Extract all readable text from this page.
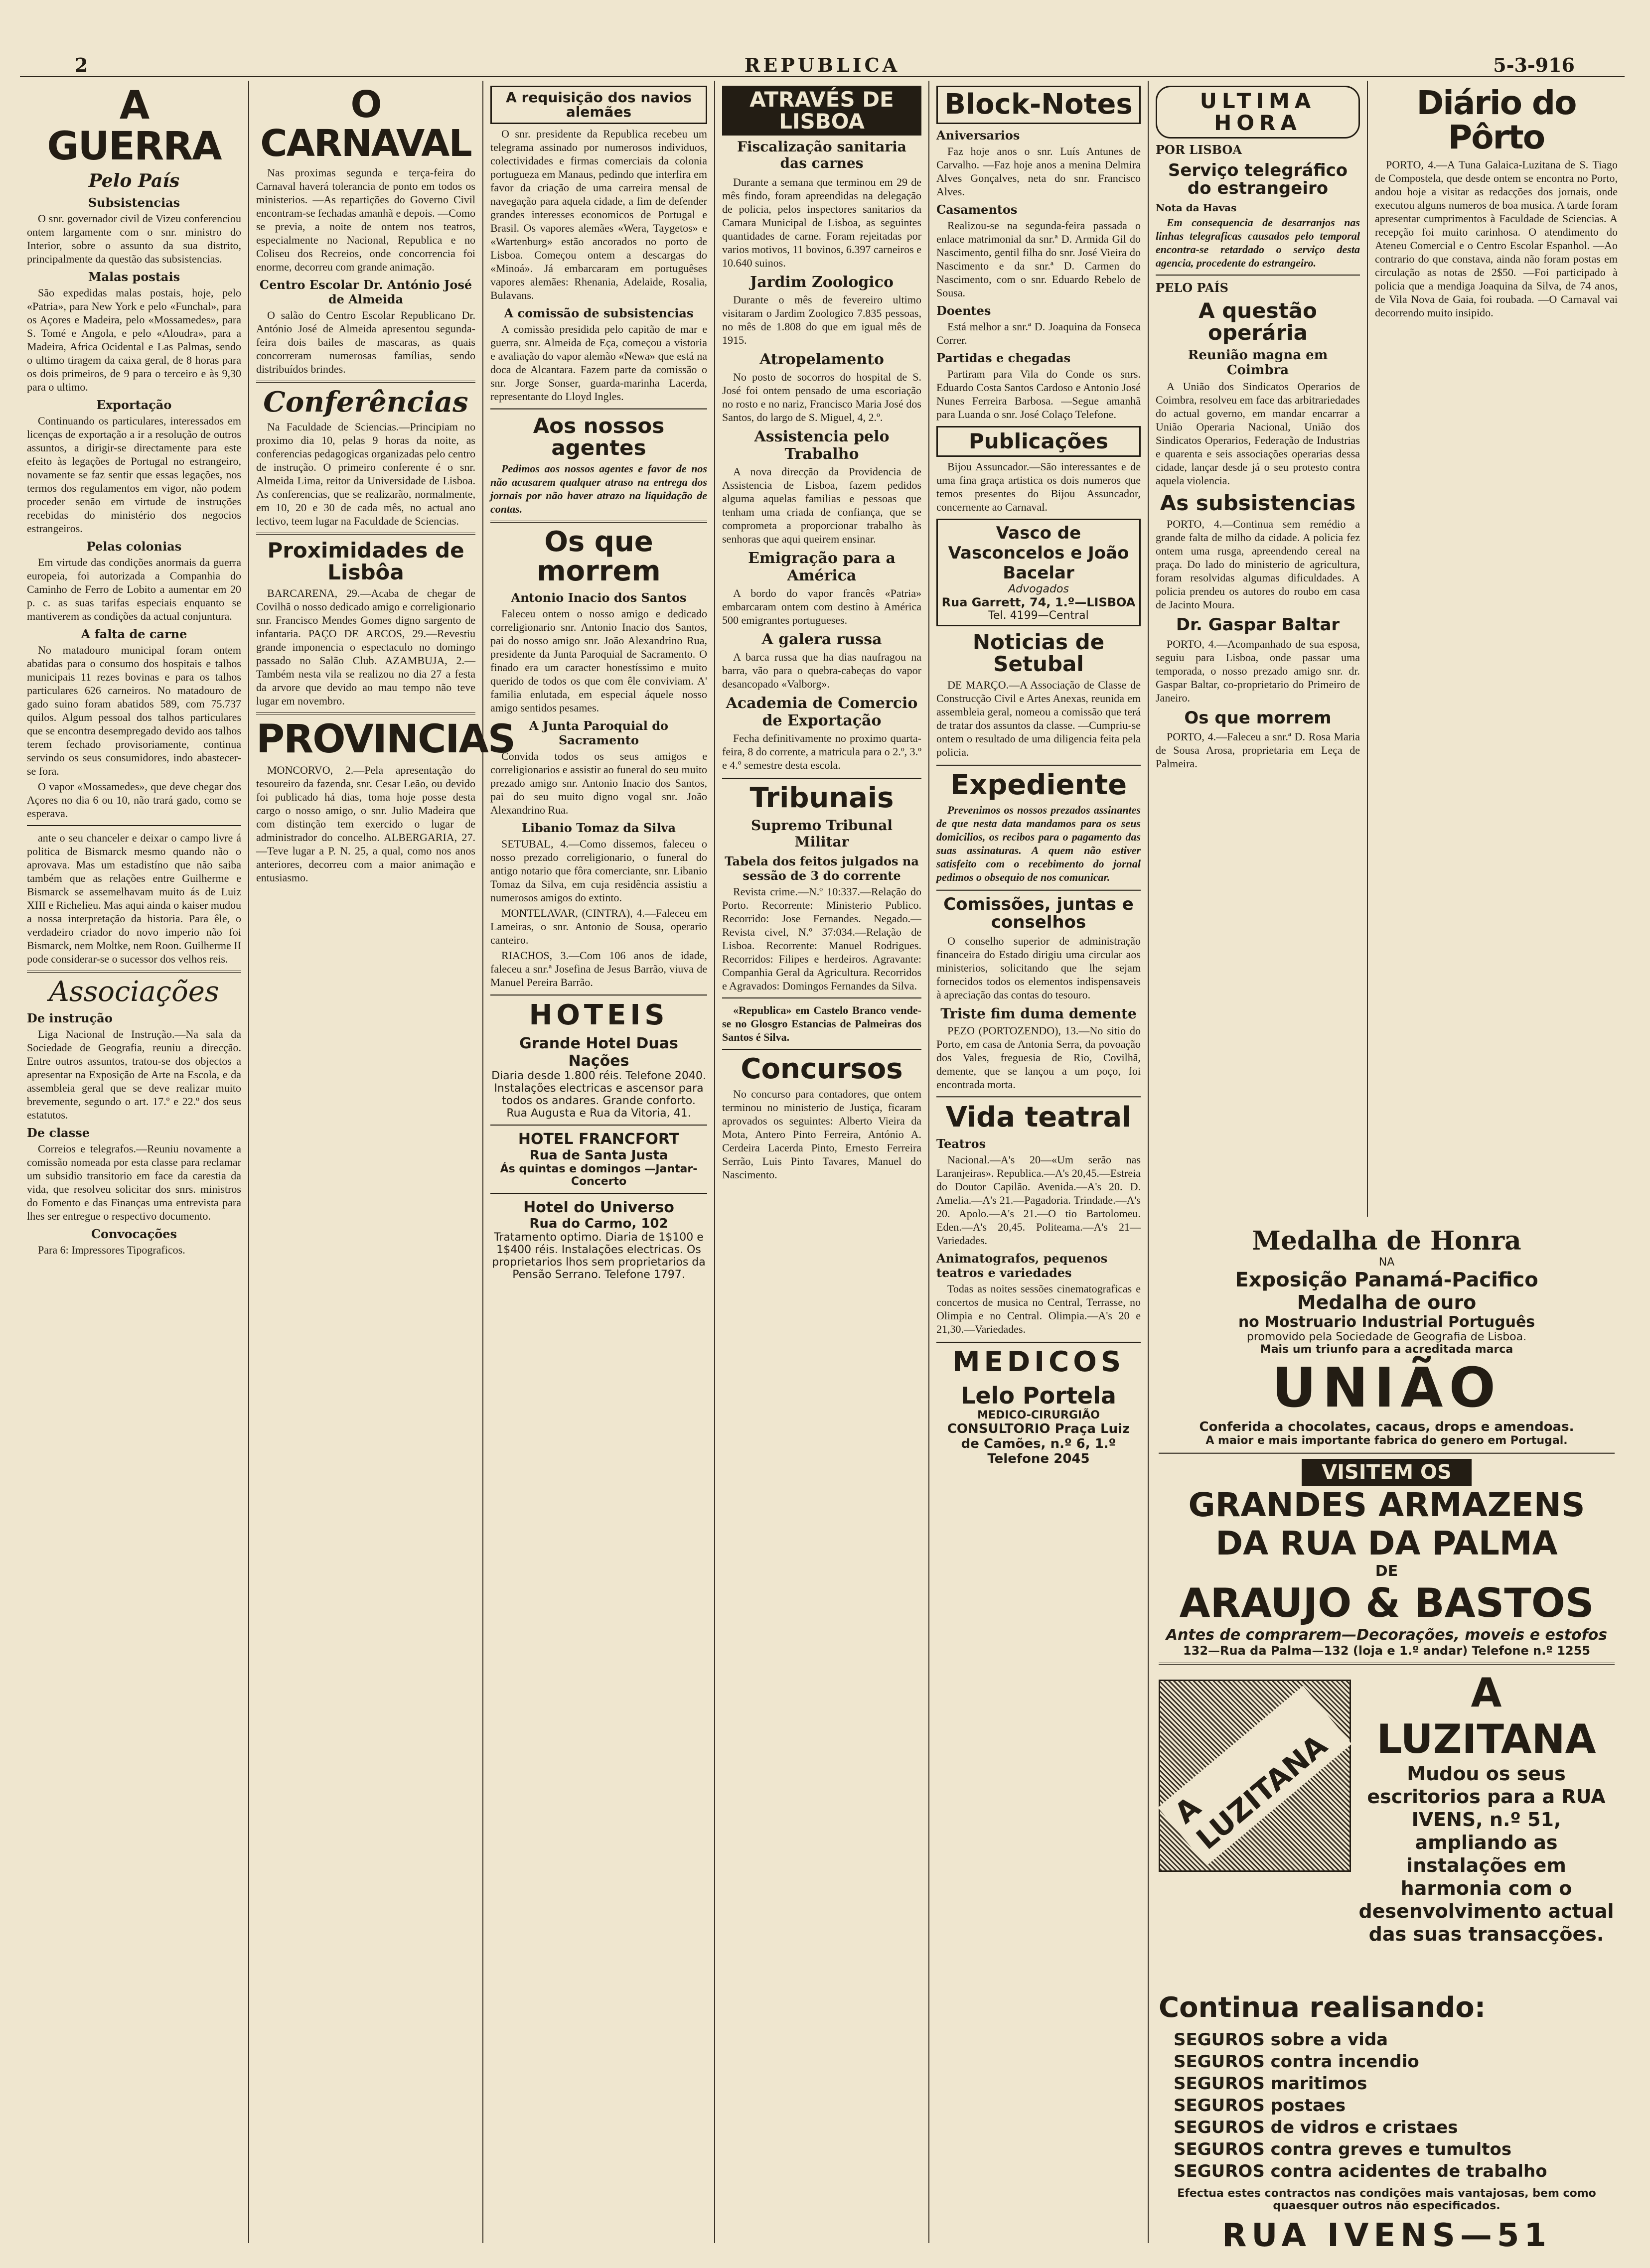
2	REPUBLICA	5-3-916
A GUERRA
Pelo País
Subsistencias

O snr. governador civil de Vizeu conferenciou ontem largamente com o snr. ministro do Interior, sobre o assunto da sua distrito, principalmente da questão das subsistencias.

Malas postais

São expedidas malas postais, hoje, pelo «Patria», para New York e pelo «Funchal», para os Açores e Madeira, pelo «Mossamedes», para S. Tomé e Angola, e pelo «Aloudra», para a Madeira, Africa Ocidental e Las Palmas, sendo o ultimo tiragem da caixa geral, de 8 horas para os dois primeiros, de 9 para o terceiro e às 9,30 para o ultimo.

Exportação

Continuando os particulares, interessados em licenças de exportação a ir a resolução de outros assuntos, a dirigir-se directamente para este efeito às legações de Portugal no estrangeiro, novamente se faz sentir que essas legações, nos termos dos regulamentos em vigor, não podem proceder senão em virtude de instruções recebidas do ministério dos negocios estrangeiros.

Pelas colonias

Em virtude das condições anormais da guerra europeia, foi autorizada a Companhia do Caminho de Ferro de Lobito a aumentar em 20 p. c. as suas tarifas especiais enquanto se mantiverem as condições da actual conjuntura.

A falta de carne

No matadouro municipal foram ontem abatidas para o consumo dos hospitais e talhos municipais 11 rezes bovinas e para os talhos particulares 626 carneiros. No matadouro de gado suino foram abatidos 589, com 75.737 quilos. Algum pessoal dos talhos particulares que se encontra desempregado devido aos talhos terem fechado provisoriamente, continua servindo os seus consumidores, indo abastecer-se fora.

O vapor «Mossamedes», que deve chegar dos Açores no dia 6 ou 10, não trará gado, como se esperava.

ante o seu chanceler e deixar o campo livre á politica de Bismarck mesmo quando não o aprovava. Mas um estadistíno que não saiba também que as relações entre Guilherme e Bismarck se assemelhavam muito ás de Luiz XIII e Richelieu. Mas aqui ainda o kaiser mudou a nossa interpretação da historia. Para êle, o verdadeiro criador do novo imperio não foi Bismarck, nem Moltke, nem Roon. Guilherme II pode considerar-se o sucessor dos velhos reis.

Associações
De instrução

Liga Nacional de Instrução.—Na sala da Sociedade de Geografia, reuniu a direcção. Entre outros assuntos, tratou-se dos objectos a apresentar na Exposição de Arte na Escola, e da assembleia geral que se deve realizar muito brevemente, segundo o art. 17.º e 22.º dos seus estatutos.

De classe

Correios e telegrafos.—Reuniu novamente a comissão nomeada por esta classe para reclamar um subsidio transitorio em face da carestia da vida, que resolveu solicitar dos snrs. ministros do Fomento e das Finanças uma entrevista para lhes ser entregue o respectivo documento.

Convocações

Para 6: Impressores Tipograficos.

O CARNAVAL

Nas proximas segunda e terça-feira do Carnaval haverá tolerancia de ponto em todos os ministerios. —As repartições do Governo Civil encontram-se fechadas amanhã e depois. —Como se previa, a noite de ontem nos teatros, especialmente no Nacional, Republica e no Coliseu dos Recreios, onde concorrencia foi enorme, decorreu com grande animação.

Centro Escolar Dr. António José de Almeida

O salão do Centro Escolar Republicano Dr. António José de Almeida apresentou segunda-feira dois bailes de mascaras, as quais concorreram numerosas famílias, sendo distribuídos brindes.

Conferências

Na Faculdade de Sciencias.—Principiam no proximo dia 10, pelas 9 horas da noite, as conferencias pedagogicas organizadas pelo centro de instrução. O primeiro conferente é o snr. Almeida Lima, reitor da Universidade de Lisboa. As conferencias, que se realizarão, normalmente, em 10, 20 e 30 de cada mês, no actual ano lectivo, teem lugar na Faculdade de Sciencias.

Proximidades de Lisbôa

BARCARENA, 29.—Acaba de chegar de Covilhã o nosso dedicado amigo e correligionario snr. Francisco Mendes Gomes digno sargento de infantaria. PAÇO DE ARCOS, 29.—Revestiu grande imponencia o espectaculo no domingo passado no Salão Club. AZAMBUJA, 2.—Também nesta vila se realizou no dia 27 a festa da arvore que devido ao mau tempo não teve lugar em novembro.

PROVINCIAS

MONCORVO, 2.—Pela apresentação do tesoureiro da fazenda, snr. Cesar Leão, ou devido foi publicado há dias, toma hoje posse desta cargo o nosso amigo, o snr. Julio Madeira que com distinção tem exercido o lugar de administrador do concelho. ALBERGARIA, 27.—Teve lugar a P. N. 25, a qual, como nos anos anteriores, decorreu com a maior animação e entusiasmo.

A requisição dos navios alemães

O snr. presidente da Republica recebeu um telegrama assinado por numerosos individuos, colectividades e firmas comerciais da colonia portugueza em Manaus, pedindo que interfira em favor da criação de uma carreira mensal de navegação para aquela cidade, a fim de defender grandes interesses economicos de Portugal e Brasil. Os vapores alemães «Wera, Taygetos» e «Wartenburg» estão ancorados no porto de Lisboa. Começou ontem a descargas do «Minoá». Já embarcaram em portuguêses vapores alemães: Rhenania, Adelaide, Rosalia, Bulavans.

A comissão de subsistencias

A comissão presidida pelo capitão de mar e guerra, snr. Almeida de Eça, começou a vistoria e avaliação do vapor alemão «Newa» que está na doca de Alcantara. Fazem parte da comissão o snr. Jorge Sonser, guarda-marinha Lacerda, representante do Lloyd Ingles.

Aos nossos agentes

Pedimos aos nossos agentes e favor de nos não acusarem qualquer atraso na entrega dos jornais por não haver atrazo na liquidação de contas.

Os que morrem
Antonio Inacio dos Santos

Faleceu ontem o nosso amigo e dedicado correligionario snr. Antonio Inacio dos Santos, pai do nosso amigo snr. João Alexandrino Rua, presidente da Junta Paroquial de Sacramento. O finado era um caracter honestíssimo e muito querido de todos os que com êle conviviam. A' familia enlutada, em especial áquele nosso amigo sentidos pesames.

A Junta Paroquial do Sacramento

Convida todos os seus amigos e correligionarios e assistir ao funeral do seu muito prezado amigo snr. Antonio Inacio dos Santos, pai do seu muito digno vogal snr. João Alexandrino Rua.

Libanio Tomaz da Silva

SETUBAL, 4.—Como dissemos, faleceu o nosso prezado correligionario, o funeral do antigo notario que fôra comerciante, snr. Libanio Tomaz da Silva, em cuja residência assistiu a numerosos amigos do extinto.

MONTELAVAR, (CINTRA), 4.—Faleceu em Lameiras, o snr. Antonio de Sousa, operario canteiro.

RIACHOS, 3.—Com 106 anos de idade, faleceu a snr.ª Josefina de Jesus Barrão, viuva de Manuel Pereira Barrão.

HOTEIS
Grande Hotel Duas Nações
Diaria desde 1.800 réis. Telefone 2040. Instalações electricas e ascensor para todos os andares. Grande conforto. Rua Augusta e Rua da Vitoria, 41.
HOTEL FRANCFORT
Rua de Santa Justa
Ás quintas e domingos —Jantar-Concerto
Hotel do Universo
Rua do Carmo, 102
Tratamento optimo. Diaria de 1$100 e 1$400 réis. Instalações electricas. Os proprietarios lhos sem proprietarios da Pensão Serrano. Telefone 1797.
ATRAVÉS DE LISBOA
Fiscalização sanitaria das carnes

Durante a semana que terminou em 29 de mês findo, foram apreendidas na delegação de policia, pelos inspectores sanitarios da Camara Municipal de Lisboa, as seguintes quantidades de carne. Foram rejeitadas por varios motivos, 11 bovinos, 6.397 carneiros e 10.640 suinos.

Jardim Zoologico

Durante o mês de fevereiro ultimo visitaram o Jardim Zoologico 7.835 pessoas, no mês de 1.808 do que em igual mês de 1915.

Atropelamento

No posto de socorros do hospital de S. José foi ontem pensado de uma escoriação no rosto e no nariz, Francisco Maria José dos Santos, do largo de S. Miguel, 4, 2.º.

Assistencia pelo Trabalho

A nova direcção da Providencia de Assistencia de Lisboa, fazem pedidos alguma aquelas familias e pessoas que tenham uma criada de confiança, que se comprometa a proporcionar trabalho às senhoras que aqui queirem ensinar.

Emigração para a América

A bordo do vapor francês «Patria» embarcaram ontem com destino à América 500 emigrantes portugueses.

A galera russa

A barca russa que ha dias naufragou na barra, vão para o quebra-cabeças do vapor desancopado «Valborg».

Academia de Comercio de Exportação

Fecha definitivamente no proximo quarta-feira, 8 do corrente, a matricula para o 2.º, 3.º e 4.º semestre desta escola.

Tribunais
Supremo Tribunal Militar
Tabela dos feitos julgados na sessão de 3 do corrente

Revista crime.—N.º 10:337.—Relação do Porto. Recorrente: Ministerio Publico. Recorrido: Jose Fernandes. Negado.—Revista civel, N.º 37:034.—Relação de Lisboa. Recorrente: Manuel Rodrigues. Recorridos: Filipes e herdeiros. Agravante: Companhia Geral da Agricultura. Recorridos e Agravados: Domingos Fernandes da Silva.

«Republica» em Castelo Branco vende-se no Glosgro Estancias de Palmeiras dos Santos é Silva.

Concursos

No concurso para contadores, que ontem terminou no ministerio de Justiça, ficaram aprovados os seguintes: Alberto Vieira da Mota, Antero Pinto Ferreira, António A. Cerdeira Lacerda Pinto, Ernesto Ferreira Serrão, Luis Pinto Tavares, Manuel do Nascimento.

Block-Notes
Aniversarios

Faz hoje anos o snr. Luís Antunes de Carvalho. —Faz hoje anos a menina Delmira Alves Gonçalves, neta do snr. Francisco Alves.

Casamentos

Realizou-se na segunda-feira passada o enlace matrimonial da snr.ª D. Armida Gil do Nascimento, gentil filha do snr. José Vieira do Nascimento e da snr.ª D. Carmen do Nascimento, com o snr. Eduardo Rebelo de Sousa.

Doentes

Está melhor a snr.ª D. Joaquina da Fonseca Correr.

Partidas e chegadas

Partiram para Vila do Conde os snrs. Eduardo Costa Santos Cardoso e Antonio José Nunes Ferreira Barbosa. —Segue amanhã para Luanda o snr. José Colaço Telefone.

Publicações

Bijou Assuncador.—São interessantes e de uma fina graça artistica os dois numeros que temos presentes do Bijou Assuncador, concernente ao Carnaval.

Vasco de Vasconcelos e João Bacelar
Advogados
Rua Garrett, 74, 1.º—LISBOA
Tel. 4199—Central
Noticias de Setubal

DE MARÇO.—A Associação de Classe de Construcção Civil e Artes Anexas, reunida em assembleia geral, nomeou a comissão que terá de tratar dos assuntos da classe. —Cumpriu-se ontem o resultado de uma diligencia feita pela policia.

Expediente

Prevenimos os nossos prezados assinantes de que nesta data mandamos para os seus domicilios, os recibos para o pagamento das suas assinaturas. A quem não estiver satisfeito com o recebimento do jornal pedimos o obsequio de nos comunicar.

Comissões, juntas e conselhos

O conselho superior de administração financeira do Estado dirigiu uma circular aos ministerios, solicitando que lhe sejam fornecidos todos os elementos indispensaveis à apreciação das contas do tesouro.

Triste fim duma demente

PEZO (PORTOZENDO), 13.—No sitio do Porto, em casa de Antonia Serra, da povoação dos Vales, freguesia de Rio, Covilhã, demente, que se lançou a um poço, foi encontrada morta.

Vida teatral
Teatros

Nacional.—A's 20—«Um serão nas Laranjeiras». Republica.—A's 20,45.—Estreia do Doutor Capilão. Avenida.—A's 20. D. Amelia.—A's 21.—Pagadoria. Trindade.—A's 20. Apolo.—A's 21.—O tio Bartolomeu. Eden.—A's 20,45. Politeama.—A's 21—Variedades.

Animatografos, pequenos teatros e variedades

Todas as noites sessões cinematograficas e concertos de musica no Central, Terrasse, no Olimpia e no Central. Olimpia.—A's 20 e 21,30.—Variedades.

MEDICOS
Lelo Portela
MEDICO-CIRURGIÃO
CONSULTORIO Praça Luiz de Camões, n.º 6, 1.º
Telefone 2045
ULTIMA HORA
POR LISBOA
Serviço telegráfico do estrangeiro
Nota da Havas

Em consequencia de desarranjos nas linhas telegraficas causados pelo temporal encontra-se retardado o serviço desta agencia, procedente do estrangeiro.

PELO PAÍS
A questão operária
Reunião magna em Coimbra

A União dos Sindicatos Operarios de Coimbra, resolveu em face das arbitrariedades do actual governo, em mandar encarrar a União Operaria Nacional, União dos Sindicatos Operarios, Federação de Industrias e quarenta e seis associações operarias dessa cidade, lançar desde já o seu protesto contra aquela violencia.

As subsistencias

PORTO, 4.—Continua sem remédio a grande falta de milho da cidade. A policia fez ontem uma rusga, apreendendo cereal na praça. Do lado do ministerio de agricultura, foram resolvidas algumas dificuldades. A policia prendeu os autores do roubo em casa de Jacinto Moura.

Dr. Gaspar Baltar

PORTO, 4.—Acompanhado de sua esposa, seguiu para Lisboa, onde passar uma temporada, o nosso prezado amigo snr. dr. Gaspar Baltar, co-proprietario do Primeiro de Janeiro.

Os que morrem

PORTO, 4.—Faleceu a snr.ª D. Rosa Maria de Sousa Arosa, proprietaria em Leça de Palmeira.

Diário do Pôrto

PORTO, 4.—A Tuna Galaica-Luzitana de S. Tiago de Compostela, que desde ontem se encontra no Porto, andou hoje a visitar as redacções dos jornais, onde executou alguns numeros de boa musica. A tarde foram apresentar cumprimentos à Faculdade de Sciencias. A recepção foi muito carinhosa. O atendimento do Ateneu Comercial e o Centro Escolar Espanhol. —Ao contrario do que constava, ainda não foram postas em circulação as notas de 2$50. —Foi participado à policia que a mendiga Joaquina da Silva, de 74 anos, de Vila Nova de Gaia, foi roubada. —O Carnaval vai decorrendo muito insipido.

Medalha de Honra
NA
Exposição Panamá-Pacifico
Medalha de ouro
no Mostruario Industrial Português
promovido pela Sociedade de Geografia de Lisboa.
Mais um triunfo para a acreditada marca
UNIÃO
Conferida a chocolates, cacaus, drops e amendoas.
A maior e mais importante fabrica do genero em Portugal.
VISITEM OS
GRANDES ARMAZENS DA RUA DA PALMA
DE
ARAUJO & BASTOS
Antes de comprarem—Decorações, moveis e estofos
132—Rua da Palma—132 (loja e 1.º andar) Telefone n.º 1255
A LUZITANA
A LUZITANA
Mudou os seus escritorios para a RUA IVENS, n.º 51, ampliando as instalações em harmonia com o desenvolvimento actual das suas transacções.
Continua realisando:
SEGUROS sobre a vida
SEGUROS contra incendio
SEGUROS maritimos
SEGUROS postaes
SEGUROS de vidros e cristaes
SEGUROS contra greves e tumultos
SEGUROS contra acidentes de trabalho
Efectua estes contractos nas condições mais vantajosas, bem como quaesquer outros não especificados.
RUA IVENS—51
